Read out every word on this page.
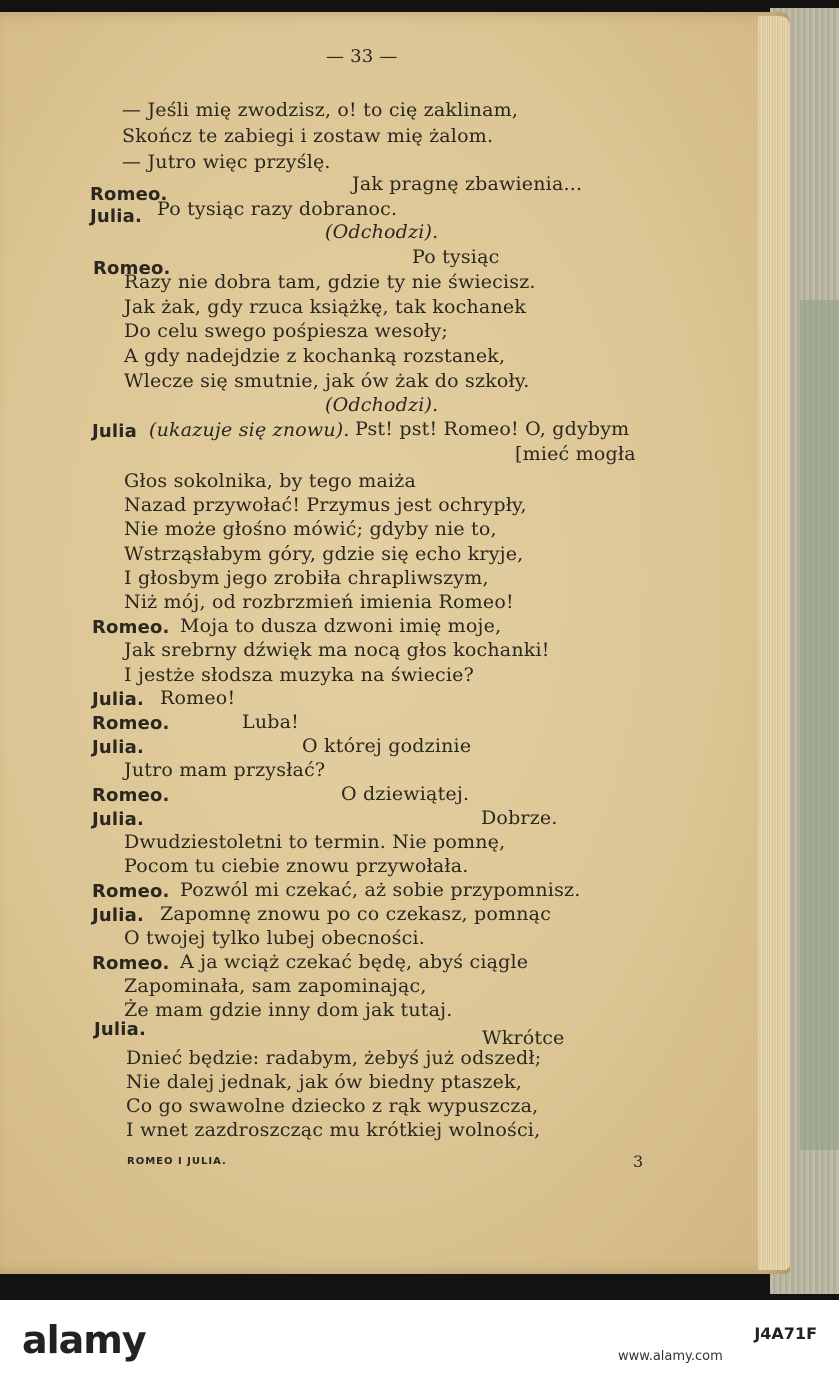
— 33 —
— Jeśli mię zwodzisz, o! to cię zaklinam,
Skończ te zabiegi i zostaw mię żalom.
— Jutro więc przyślę.
Jak pragnę zbawienia...
Romeo.
Julia. Po tysiąc razy dobranoc.
(Odchodzi).
Po tysiąc
Romeo.
Razy nie dobra tam, gdzie ty nie świecisz.
Jak żak, gdy rzuca książkę, tak kochanek
Do celu swego pośpiesza wesoły;
A gdy nadejdzie z kochanką rozstanek,
Wlecze się smutnie, jak ów żak do szkoły.
(Odchodzi).
Julia (ukazuje się znowu). Pst! pst! Romeo! O, gdybym
[mieć mogła
Głos sokolnika, by tego maiża
Nazad przywołać! Przymus jest ochrypły,
Nie może głośno mówić; gdyby nie to,
Wstrząsłabym góry, gdzie się echo kryje,
I głosbym jego zrobiła chrapliwszym,
Niż mój, od rozbrzmień imienia Romeo!
Romeo. Moja to dusza dzwoni imię moje,
Jak srebrny dźwięk ma nocą głos kochanki!
I jestże słodsza muzyka na świecie?
Julia. Romeo!
Romeo.	Luba!
Julia.	O której godzinie
Jutro mam przysłać?
Romeo.	O dziewiątej.
Julia.	Dobrze.
Dwudziestoletni to termin. Nie pomnę,
Pocom tu ciebie znowu przywołała.
Romeo. Pozwól mi czekać, aż sobie przypomnisz.
Julia. Zapomnę znowu po co czekasz, pomnąc
O twojej tylko lubej obecności.
Romeo. A ja wciąż czekać będę, abyś ciągle
Zapominała, sam zapominając,
Że mam gdzie inny dom jak tutaj.
Julia.	Wkrótce
Dnieć będzie: radabym, żebyś już odszedł;
Nie dalej jednak, jak ów biedny ptaszek,
Co go swawolne dziecko z rąk wypuszcza,
I wnet zazdroszcząc mu krótkiej wolności,
ROMEO I JULIA.	3
alamy	J4A71F
www.alamy.com
